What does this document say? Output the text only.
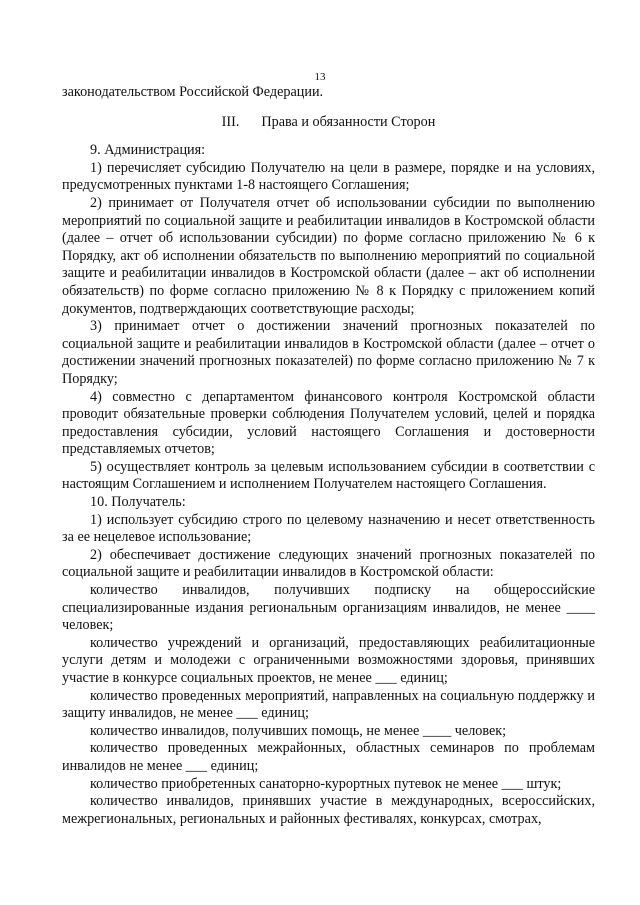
13

законодательством Российской Федерации.

III. Права и обязанности Сторон

9. Администрация:

1) перечисляет субсидию Получателю на цели в размере, порядке и на условиях, предусмотренных пунктами 1-8 настоящего Соглашения;

2) принимает от Получателя отчет об использовании субсидии по выполнению мероприятий по социальной защите и реабилитации инвалидов в Костромской области (далее – отчет об использовании субсидии) по форме согласно приложению № 6 к Порядку, акт об исполнении обязательств по выполнению мероприятий по социальной защите и реабилитации инвалидов в Костромской области (далее – акт об исполнении обязательств) по форме согласно приложению № 8 к Порядку с приложением копий документов, подтверждающих соответствующие расходы;

3) принимает отчет о достижении значений прогнозных показателей по социальной защите и реабилитации инвалидов в Костромской области (далее – отчет о достижении значений прогнозных показателей) по форме согласно приложению № 7 к Порядку;

4) совместно с департаментом финансового контроля Костромской области проводит обязательные проверки соблюдения Получателем условий, целей и порядка предоставления субсидии, условий настоящего Соглашения и достоверности представляемых отчетов;

5) осуществляет контроль за целевым использованием субсидии в соответствии с настоящим Соглашением и исполнением Получателем настоящего Соглашения.

10. Получатель:

1) использует субсидию строго по целевому назначению и несет ответственность за ее нецелевое использование;

2) обеспечивает достижение следующих значений прогнозных показателей по социальной защите и реабилитации инвалидов в Костромской области:

количество инвалидов, получивших подписку на общероссийские специализированные издания региональным организациям инвалидов, не менее ____ человек;

количество учреждений и организаций, предоставляющих реабилитационные услуги детям и молодежи с ограниченными возможностями здоровья, принявших участие в конкурсе социальных проектов, не менее ___ единиц;

количество проведенных мероприятий, направленных на социальную поддержку и защиту инвалидов, не менее ___ единиц;

количество инвалидов, получивших помощь, не менее ____ человек;

количество проведенных межрайонных, областных семинаров по проблемам инвалидов не менее ___ единиц;

количество приобретенных санаторно-курортных путевок не менее ___ штук;

количество инвалидов, принявших участие в международных, всероссийских, межрегиональных, региональных и районных фестивалях, конкурсах, смотрах,
